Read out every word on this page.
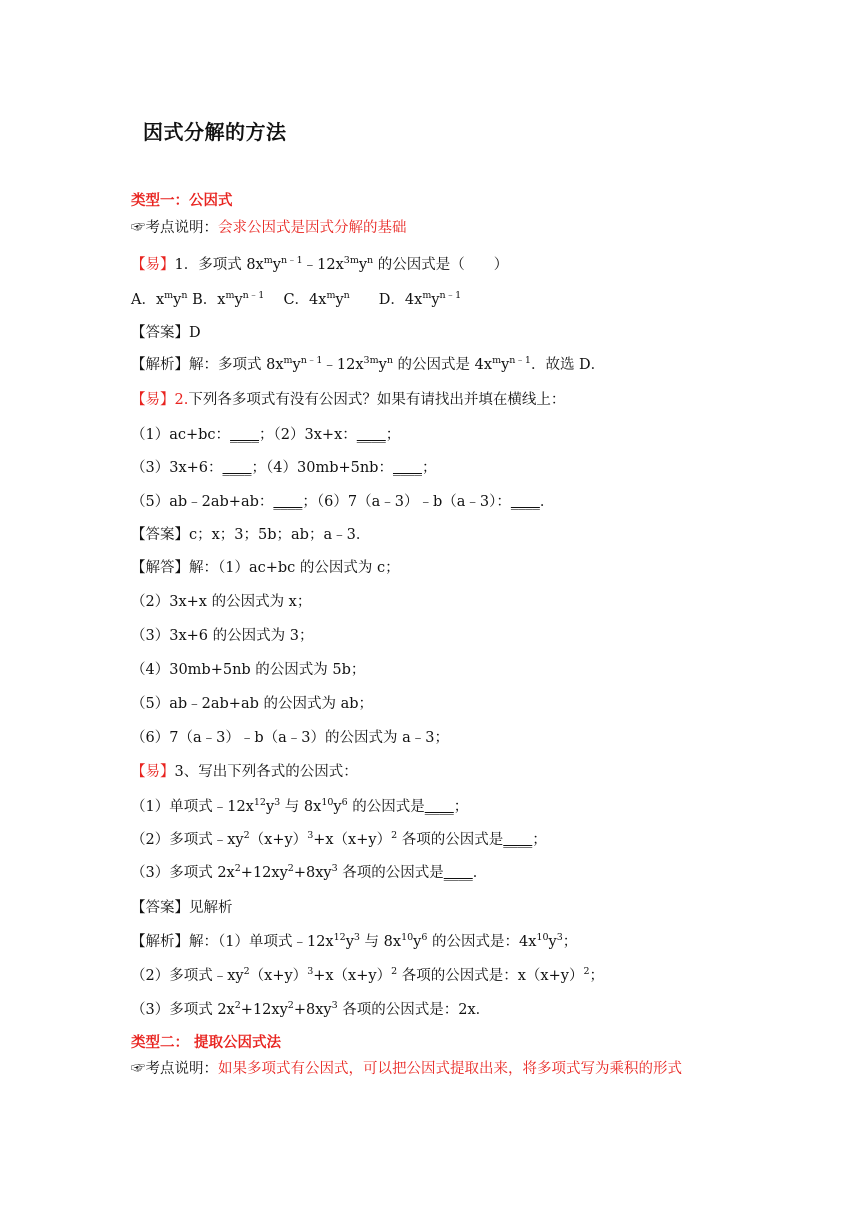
因式分解的方法
类型一：公因式
☞考点说明：会求公因式是因式分解的基础
【易】1．多项式 $8x^my^{n﹣1}﹣12x^{3m}y^n$ 的公因式是（　　）
A．$x^my^n$ B．$x^my^{n﹣1}$　 C．$4x^my^n$　　D．$4x^my^{n﹣1}$
【答案】D
【解析】解：多项式 $8x^my^{n﹣1}﹣12x^{3m}y^n$ 的公因式是 $4x^my^{n﹣1}$．故选 D．
【易】2.下列各多项式有没有公因式？如果有请找出并填在横线上：
（1）ac+bc：____；（2）3x+x：____；
（3）3x+6：____；（4）30mb+5nb：____；
（5）ab﹣2ab+ab：____；（6）7（a﹣3）﹣b（a﹣3）：____．
【答案】c；x；3；5b；ab；a﹣3．
【解答】解：（1）ac+bc 的公因式为 c；
（2）3x+x 的公因式为 x；
（3）3x+6 的公因式为 3；
（4）30mb+5nb 的公因式为 5b；
（5）ab﹣2ab+ab 的公因式为 ab；
（6）7（a﹣3）﹣b（a﹣3）的公因式为 a﹣3；
【易】3、写出下列各式的公因式：
（1）单项式$﹣12x^{12}y^3$ 与 $8x^{10}y^6$ 的公因式是____；
（2）多项式$﹣xy^2(x+y)^3+x(x+y)^2$ 各项的公因式是____；
（3）多项式 $2x^2+12xy^2+8xy^3$ 各项的公因式是____．
【答案】见解析
【解析】解：（1）单项式$﹣12x^{12}y^3$ 与 $8x^{10}y^6$ 的公因式是：$4x^{10}y^3$；
（2）多项式$﹣xy^2(x+y)^3+x(x+y)^2$ 各项的公因式是：$x(x+y)^2$；
（3）多项式 $2x^2+12xy^2+8xy^3$ 各项的公因式是：2x．
类型二： 提取公因式法
☞考点说明：如果多项式有公因式，可以把公因式提取出来，将多项式写为乘积的形式
